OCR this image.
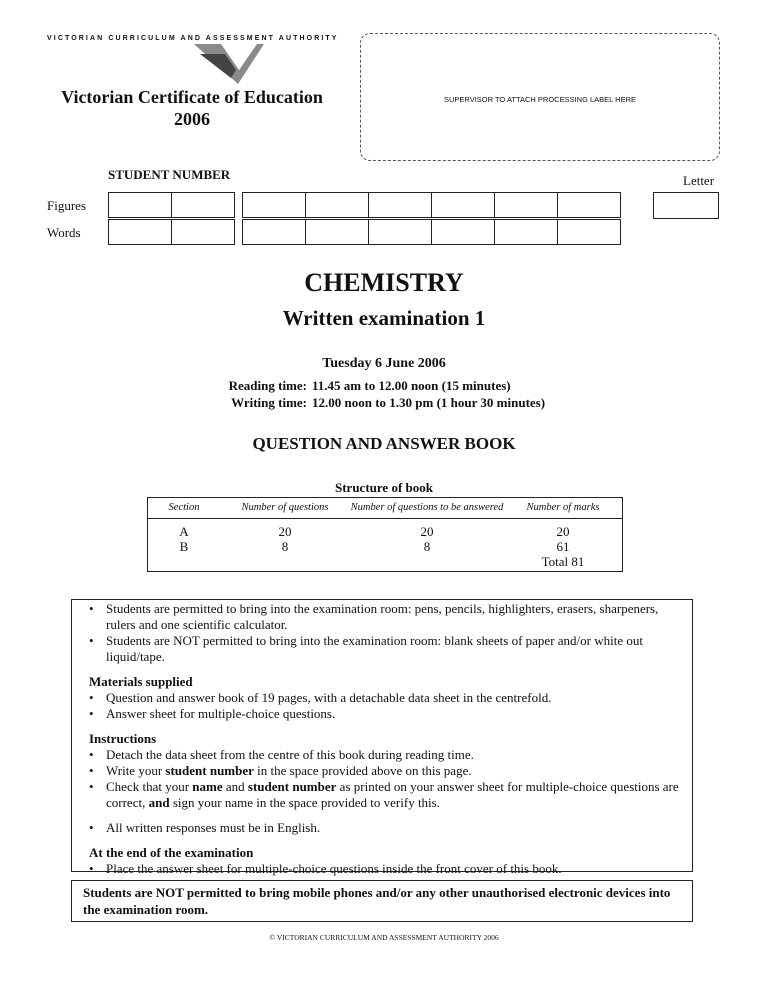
VICTORIAN CURRICULUM AND ASSESSMENT AUTHORITY
Victorian Certificate of Education
2006
SUPERVISOR TO ATTACH PROCESSING LABEL HERE
STUDENT NUMBER	Letter
Figures
Words
CHEMISTRY
Written examination 1
Tuesday 6 June 2006
Reading time: 11.45 am to 12.00 noon (15 minutes)
Writing time: 12.00 noon to 1.30 pm (1 hour 30 minutes)
QUESTION AND ANSWER BOOK
Structure of book
Section	Number of questions	Number of questions to be answered	Number of marks
A	20	20	20
B	8	8	61
			Total 81

• Students are permitted to bring into the examination room: pens, pencils, highlighters, erasers, sharpeners, rulers and one scientific calculator.

• Students are NOT permitted to bring into the examination room: blank sheets of paper and/or white out liquid/tape.

Materials supplied

• Question and answer book of 19 pages, with a detachable data sheet in the centrefold.

• Answer sheet for multiple-choice questions.

Instructions

• Detach the data sheet from the centre of this book during reading time.

• Write your student number in the space provided above on this page.

• Check that your name and student number as printed on your answer sheet for multiple-choice questions are correct, and sign your name in the space provided to verify this.

• All written responses must be in English.

At the end of the examination

• Place the answer sheet for multiple-choice questions inside the front cover of this book.

Students are NOT permitted to bring mobile phones and/or any other unauthorised electronic devices into the examination room.
© VICTORIAN CURRICULUM AND ASSESSMENT AUTHORITY 2006
